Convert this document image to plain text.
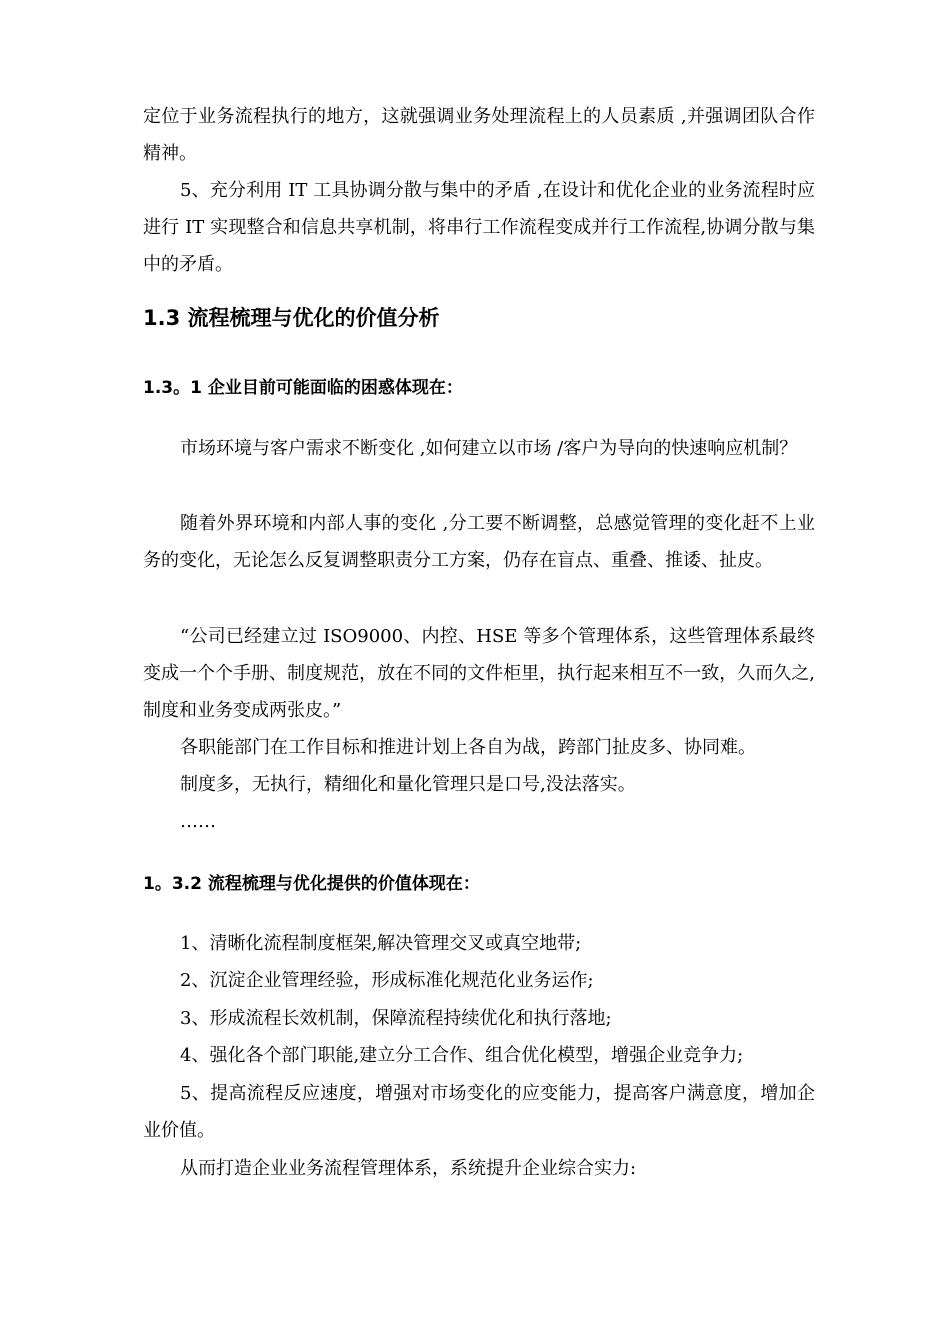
定位于业务流程执行的地方，这就强调业务处理流程上的人员素质 ,并强调团队合作精神。

5、充分利用 IT 工具协调分散与集中的矛盾 ,在设计和优化企业的业务流程时应进行 IT 实现整合和信息共享机制，将串行工作流程变成并行工作流程,协调分散与集中的矛盾。

1.3 流程梳理与优化的价值分析
1.3。1 企业目前可能面临的困惑体现在：

市场环境与客户需求不断变化 ,如何建立以市场 /客户为导向的快速响应机制？

随着外界环境和内部人事的变化 ,分工要不断调整，总感觉管理的变化赶不上业务的变化，无论怎么反复调整职责分工方案，仍存在盲点、重叠、推诿、扯皮。

“公司已经建立过 ISO9000、内控、HSE 等多个管理体系，这些管理体系最终变成一个个手册、制度规范，放在不同的文件柜里，执行起来相互不一致，久而久之,制度和业务变成两张皮。”

各职能部门在工作目标和推进计划上各自为战，跨部门扯皮多、协同难。

制度多，无执行，精细化和量化管理只是口号,没法落实。

……

1。3.2 流程梳理与优化提供的价值体现在：

1、清晰化流程制度框架,解决管理交叉或真空地带;

2、沉淀企业管理经验，形成标准化规范化业务运作;

3、形成流程长效机制，保障流程持续优化和执行落地;

4、强化各个部门职能,建立分工合作、组合优化模型，增强企业竞争力;

5、提高流程反应速度，增强对市场变化的应变能力，提高客户满意度，增加企业价值。

从而打造企业业务流程管理体系，系统提升企业综合实力:
